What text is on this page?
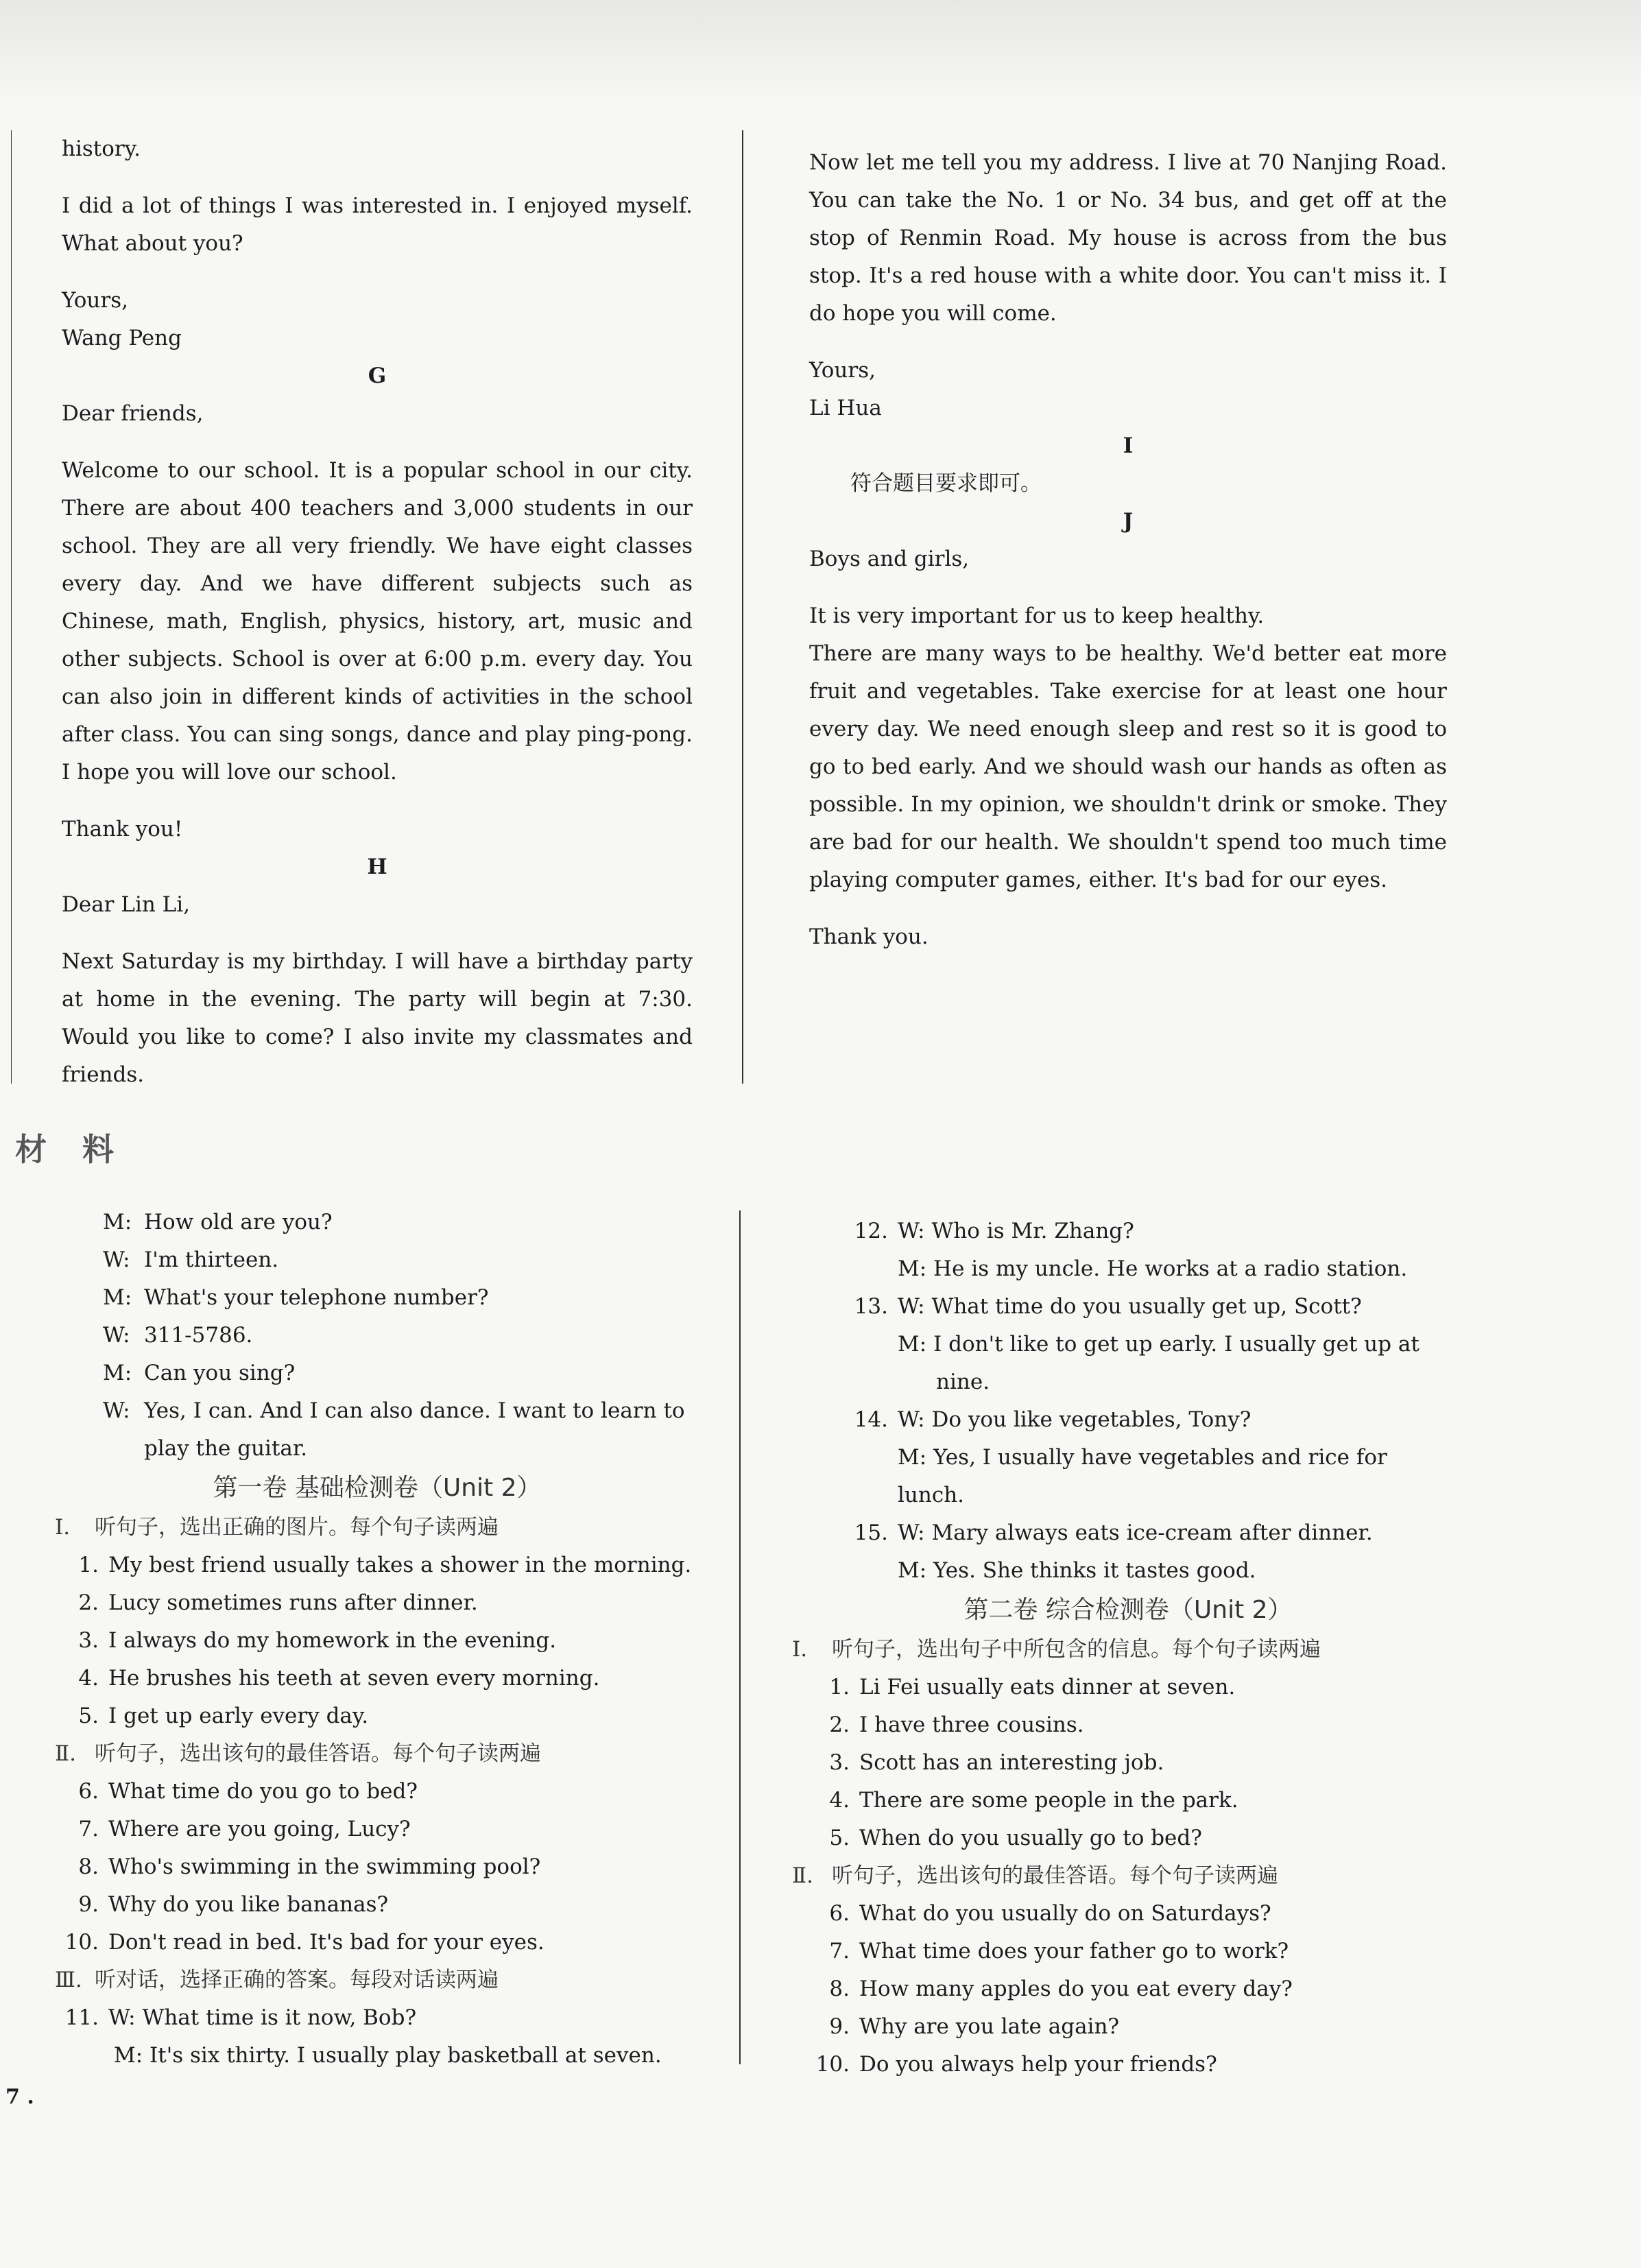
history.

I did a lot of things I was interested in. I enjoyed myself. What about you?

Yours,

Wang Peng

G

Dear friends,

Welcome to our school. It is a popular school in our city. There are about 400 teachers and 3,000 students in our school. They are all very friendly. We have eight classes every day. And we have different subjects such as Chinese, math, English, physics, history, art, music and other subjects. School is over at 6:00 p.m. every day. You can also join in different kinds of activities in the school after class. You can sing songs, dance and play ping-pong. I hope you will love our school.

Thank you!

H

Dear Lin Li,

Next Saturday is my birthday. I will have a birthday party at home in the evening. The party will begin at 7:30. Would you like to come? I also invite my classmates and friends.

Now let me tell you my address. I live at 70 Nanjing Road. You can take the No. 1 or No. 34 bus, and get off at the stop of Renmin Road. My house is across from the bus stop. It's a red house with a white door. You can't miss it. I do hope you will come.

Yours,

Li Hua

I

符合题目要求即可。

J

Boys and girls,

It is very important for us to keep healthy.

There are many ways to be healthy. We'd better eat more fruit and vegetables. Take exercise for at least one hour every day. We need enough sleep and rest so it is good to go to bed early. And we should wash our hands as often as possible. In my opinion, we shouldn't drink or smoke. They are bad for our health. We shouldn't spend too much time playing computer games, either. It's bad for our eyes.

Thank you.

材 料
M: How old are you?
W: I'm thirteen.
M: What's your telephone number?
W: 311-5786.
M: Can you sing?
W: Yes, I can. And I can also dance. I want to learn to play the guitar.

第一卷 基础检测卷（Unit 2）

Ⅰ. 听句子，选出正确的图片。每个句子读两遍

1. My best friend usually takes a shower in the morning.
2. Lucy sometimes runs after dinner.
3. I always do my homework in the evening.
4. He brushes his teeth at seven every morning.
5. I get up early every day.

Ⅱ. 听句子，选出该句的最佳答语。每个句子读两遍

6. What time do you go to bed?
7. Where are you going, Lucy?
8. Who's swimming in the swimming pool?
9. Why do you like bananas?
10. Don't read in bed. It's bad for your eyes.

Ⅲ. 听对话，选择正确的答案。每段对话读两遍

11. W: What time is it now, Bob?
M: It's six thirty. I usually play basketball at seven.
12. W: Who is Mr. Zhang?
M: He is my uncle. He works at a radio station.
13. W: What time do you usually get up, Scott?
M: I don't like to get up early. I usually get up at nine.
14. W: Do you like vegetables, Tony?
M: Yes, I usually have vegetables and rice for lunch.
15. W: Mary always eats ice-cream after dinner.
M: Yes. She thinks it tastes good.

第二卷 综合检测卷（Unit 2）

Ⅰ. 听句子，选出句子中所包含的信息。每个句子读两遍

1. Li Fei usually eats dinner at seven.
2. I have three cousins.
3. Scott has an interesting job.
4. There are some people in the park.
5. When do you usually go to bed?

Ⅱ. 听句子，选出该句的最佳答语。每个句子读两遍

6. What do you usually do on Saturdays?
7. What time does your father go to work?
8. How many apples do you eat every day?
9. Why are you late again?
10. Do you always help your friends?
7 .
